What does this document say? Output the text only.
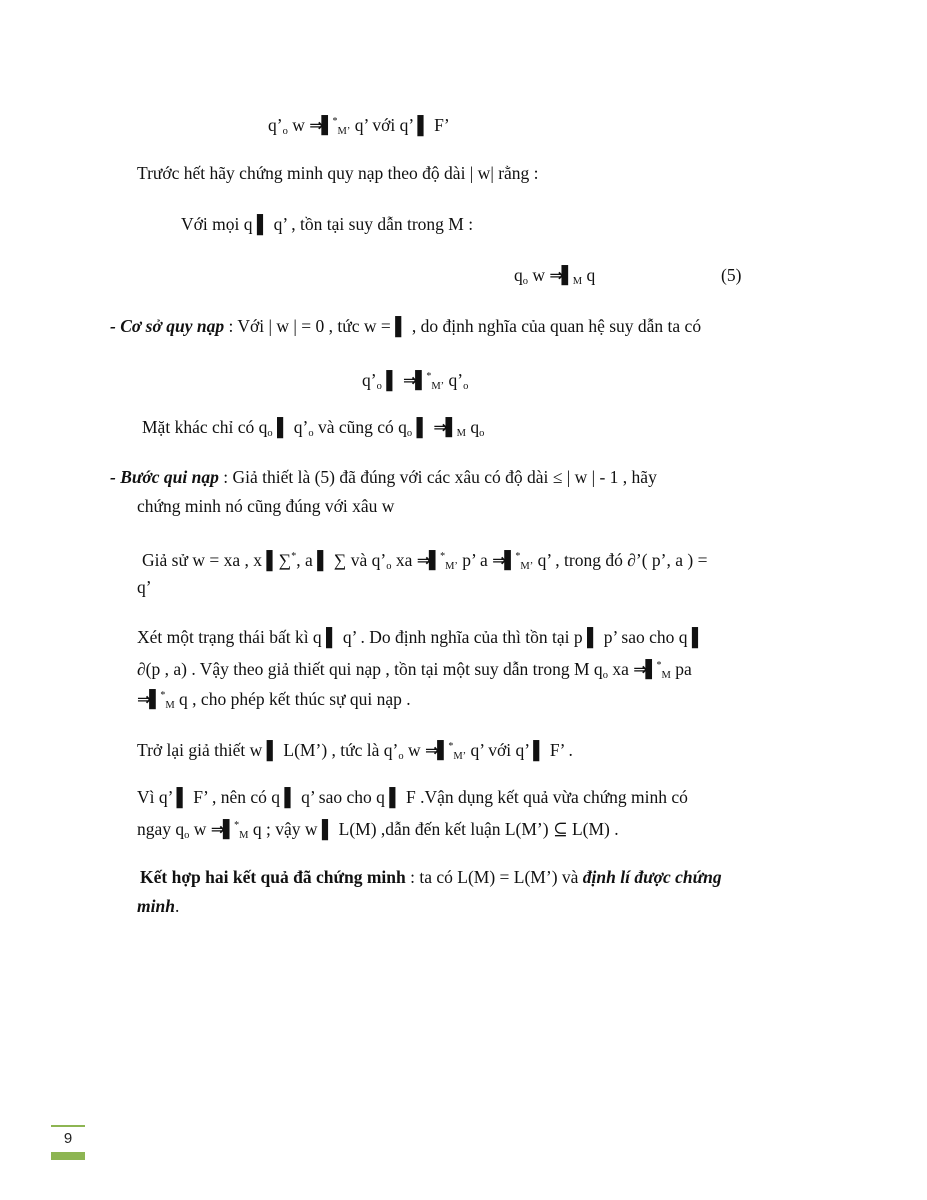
$q’_o$ w $\Rightarrow▌^*_{M’}$ q’ với q’ ▌ F’
Trước hết hãy chứng minh quy nạp theo độ dài | w| rằng :
Với mọi q ▌ q’ , tồn tại suy dẫn trong M :
$q_o$ w $\Rightarrow▌_M$ q	(5)
- Cơ sở quy nạp : Với | w | = 0 , tức w = ▌ , do định nghĩa của quan hệ suy dẫn ta có
$q’_o$ ▌ $\Rightarrow▌^*_{M’}$ $q’_o$
Mặt khác chỉ có $q_o$ ▌ $q’_o$ và cũng có $q_o$ ▌ $\Rightarrow▌_M$ $q_o$
- Bước qui nạp : Giả thiết là (5) đã đúng với các xâu có độ dài ≤ | w | - 1 , hãy
chứng minh nó cũng đúng với xâu w
Giả sử w = xa , x ▌∑*, a ▌ ∑ và $q’_o$ xa $\Rightarrow▌^*_{M’}$ p’ a $\Rightarrow▌^*_{M’}$ q’ , trong đó ∂’( p’, a ) =
q’
Xét một trạng thái bất kì q ▌ q’ . Do định nghĩa của thì tồn tại p ▌ p’ sao cho q ▌
∂(p , a) . Vậy theo giả thiết qui nạp , tồn tại một suy dẫn trong M $q_o$ xa $\Rightarrow▌^*_M$ pa
$\Rightarrow▌^*_M$ q , cho phép kết thúc sự qui nạp .
Trở lại giả thiết w ▌ L(M’) , tức là $q’_o$ w $\Rightarrow▌^*_{M’}$ q’ với q’ ▌ F’ .
Vì q’ ▌ F’ , nên có q ▌ q’ sao cho q ▌ F .Vận dụng kết quả vừa chứng minh có
ngay $q_o$ w $\Rightarrow▌^*_M$ q ; vậy w ▌ L(M) ,dẫn đến kết luận L(M’) ⊆ L(M) .
Kết hợp hai kết quả đã chứng minh : ta có L(M) = L(M’) và định lí được chứng
minh.
9
